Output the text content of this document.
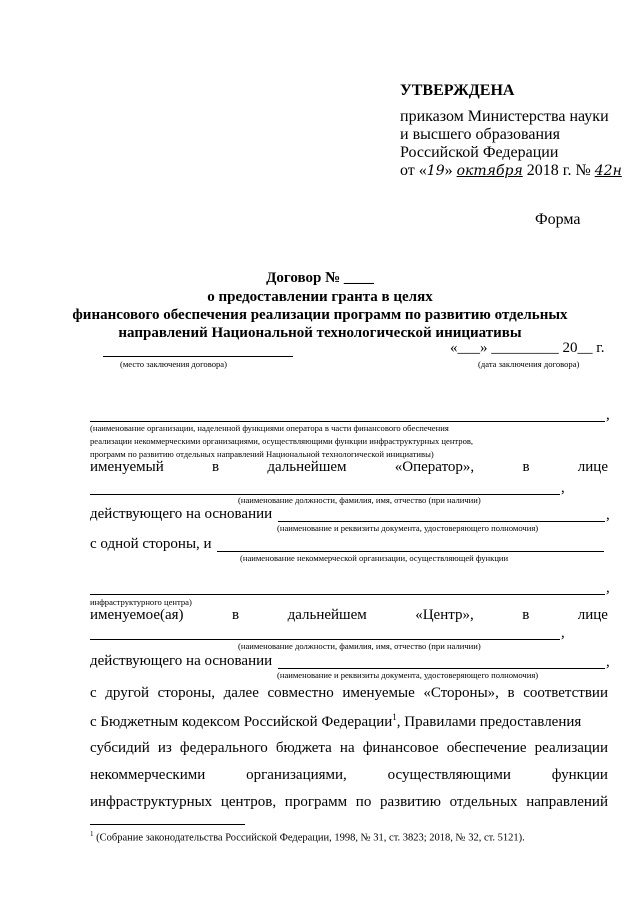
УТВЕРЖДЕНА
приказом Министерства науки
и высшего образования
Российской Федерации
от «19» октября 2018 г. № 42н
Форма
Договор № ____
о предоставлении гранта в целях
финансового обеспечения реализации программ по развитию отдельных
направлений Национальной технологической инициативы
(место заключения договора)
«___» _________ 20__ г.
(дата заключения договора)
,
(наименование организации, наделенной функциями оператора в части финансового обеспечения
реализации некоммерческими организациями, осуществляющими функции инфраструктурных центров,
программ по развитию отдельных направлений Национальной технологической инициативы)
именуемый	в	дальнейшем	«Оператор»,	в	лице
,
(наименование должности, фамилия, имя, отчество (при наличии)
действующего на основании	,
(наименование и реквизиты документа, удостоверяющего полномочия)
с одной стороны, и
(наименование некоммерческой организации, осуществляющей функции
,
инфраструктурного центра)
именуемое(ая)	в	дальнейшем	«Центр»,	в	лице
,
(наименование должности, фамилия, имя, отчество (при наличии)
действующего на основании	,
(наименование и реквизиты документа, удостоверяющего полномочия)
с другой стороны, далее совместно именуемые «Стороны», в соответствии
с Бюджетным кодексом Российской Федерации$^1$, Правилами предоставления
субсидий из федерального бюджета на финансовое обеспечение реализации
некоммерческими	организациями,	осуществляющими	функции
инфраструктурных центров, программ по развитию отдельных направлений
$^1$ (Собрание законодательства Российской Федерации, 1998, № 31, ст. 3823; 2018, № 32, ст. 5121).
